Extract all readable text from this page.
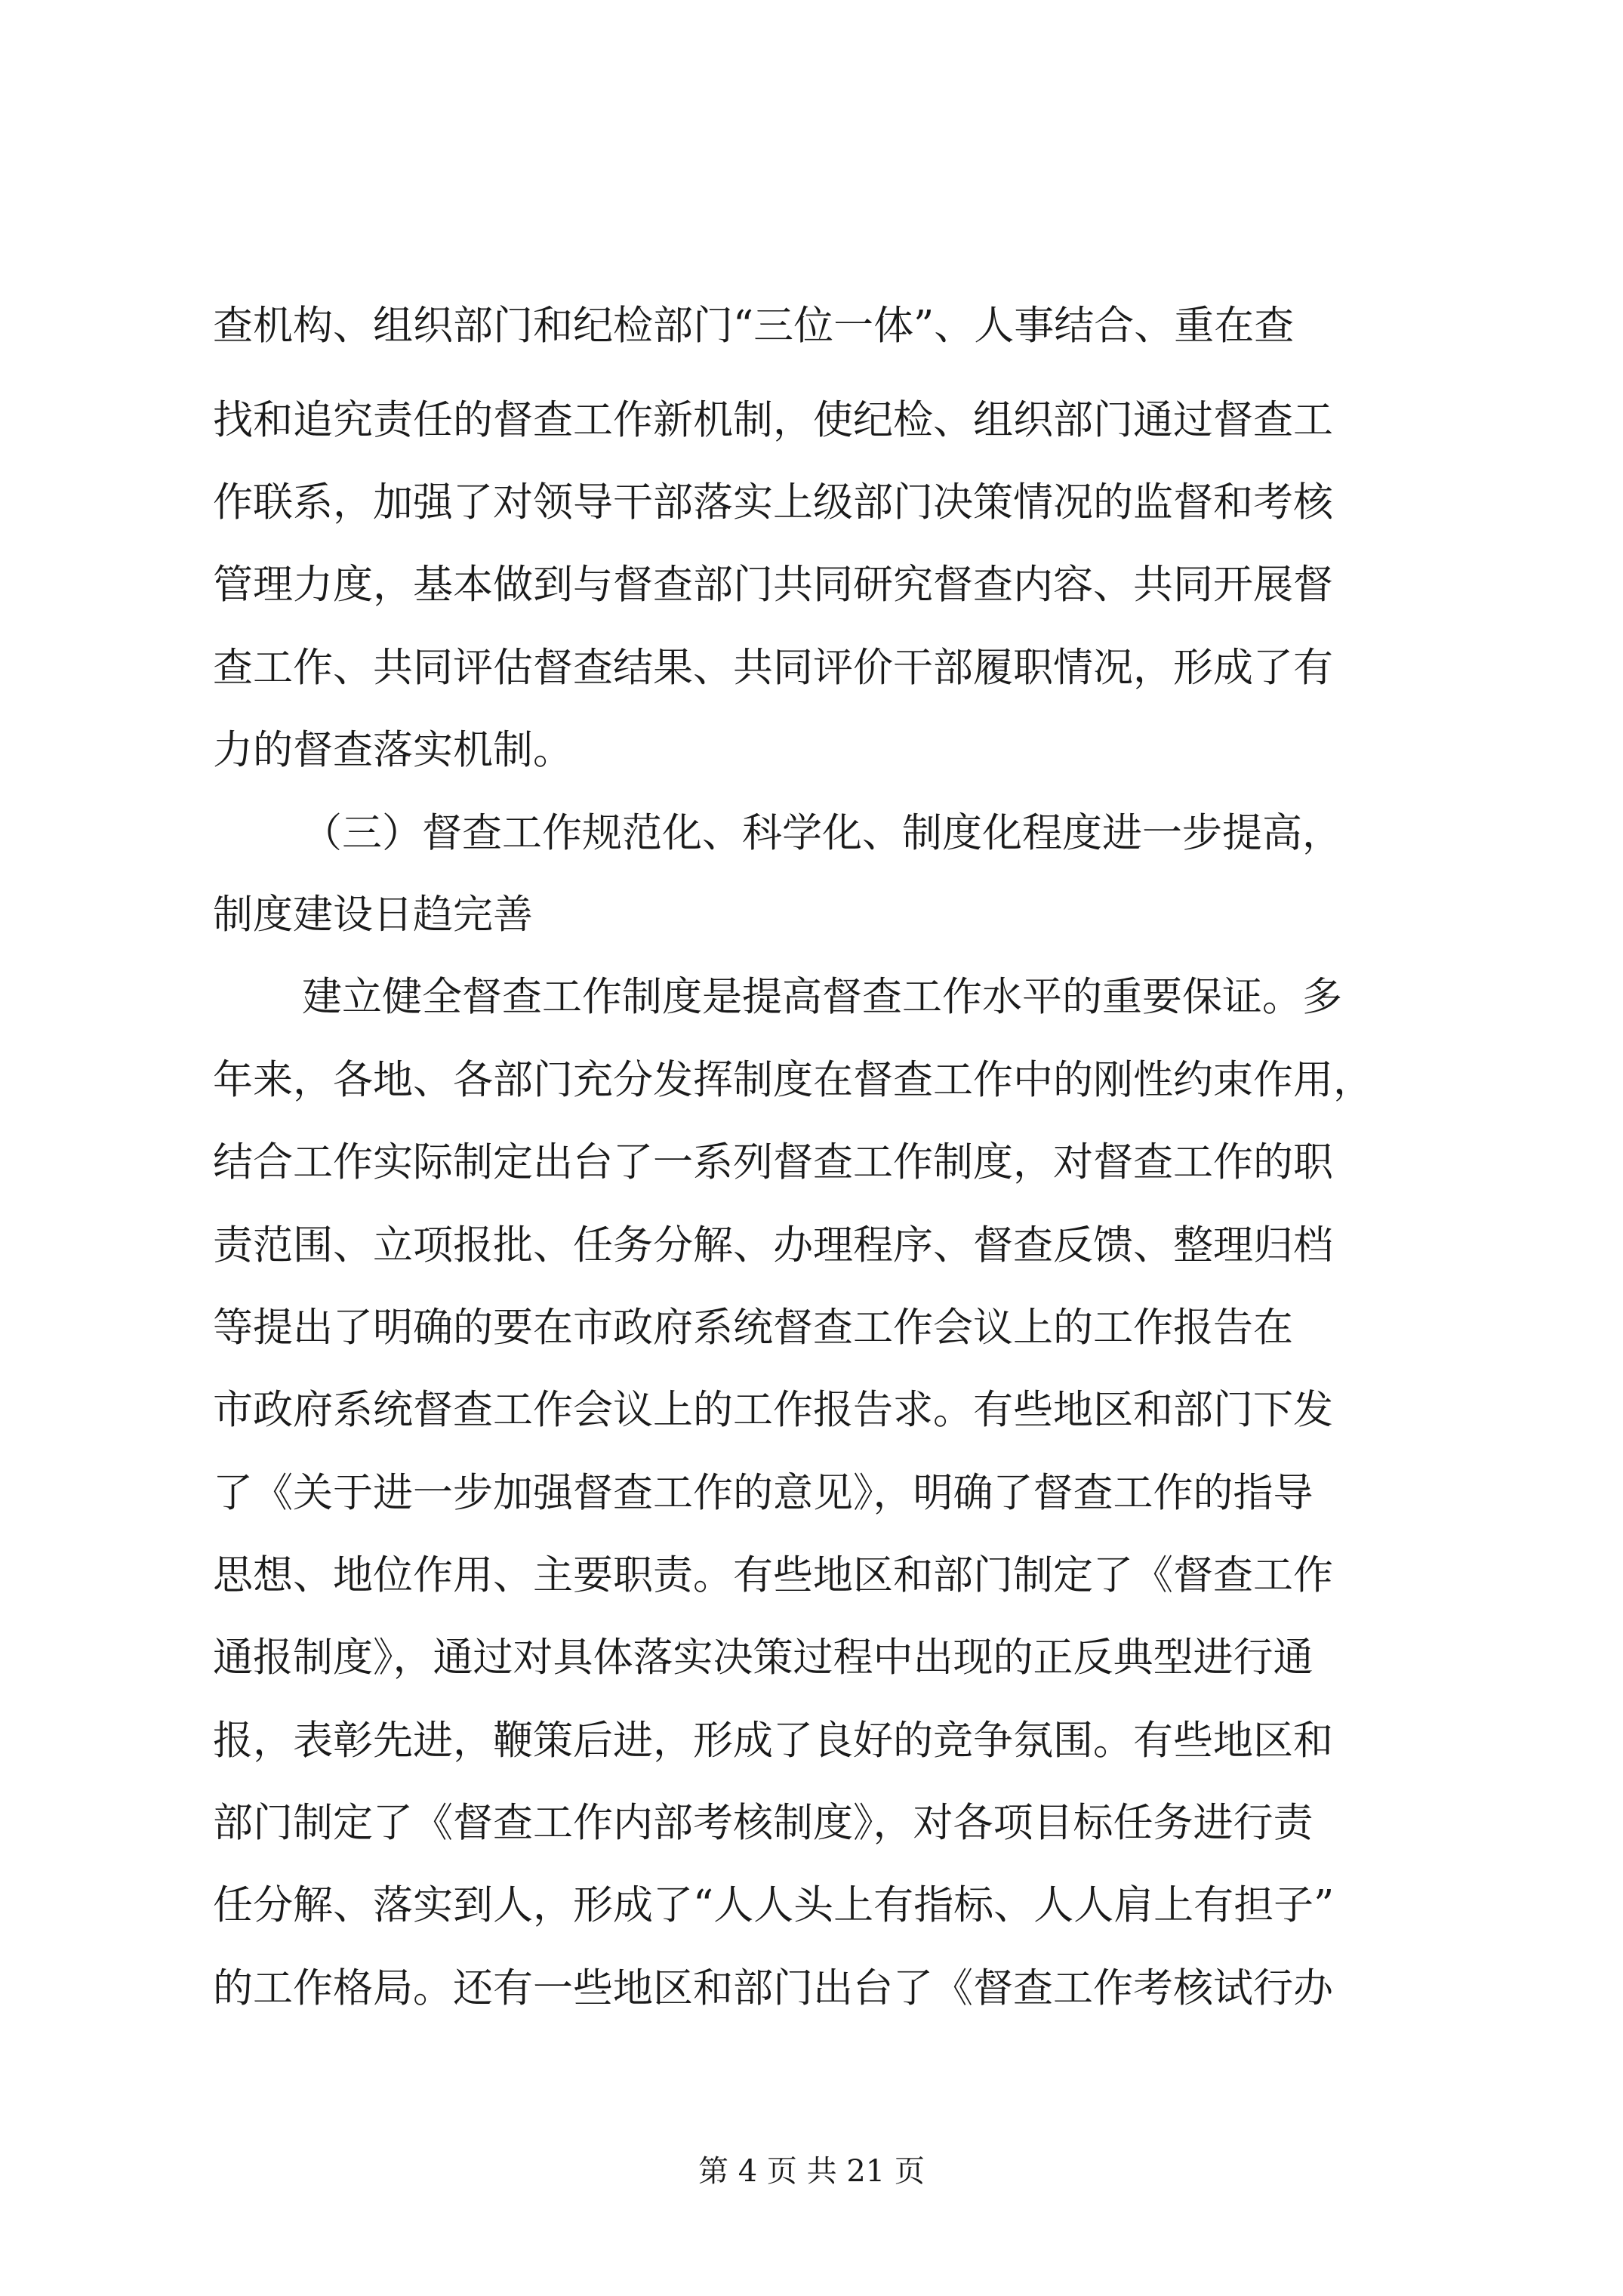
查机构、组织部门和纪检部门“三位一体”、人事结合、重在查
找和追究责任的督查工作新机制，使纪检、组织部门通过督查工
作联系，加强了对领导干部落实上级部门决策情况的监督和考核
管理力度，基本做到与督查部门共同研究督查内容、共同开展督
查工作、共同评估督查结果、共同评价干部履职情况，形成了有
力的督查落实机制。
（三）督查工作规范化、科学化、制度化程度进一步提高，
制度建设日趋完善
建立健全督查工作制度是提高督查工作水平的重要保证。多
年来，各地、各部门充分发挥制度在督查工作中的刚性约束作用，
结合工作实际制定出台了一系列督查工作制度，对督查工作的职
责范围、立项报批、任务分解、办理程序、督查反馈、整理归档
等提出了明确的要在市政府系统督查工作会议上的工作报告在
市政府系统督查工作会议上的工作报告求。有些地区和部门下发
了《关于进一步加强督查工作的意见》，明确了督查工作的指导
思想、地位作用、主要职责。有些地区和部门制定了《督查工作
通报制度》，通过对具体落实决策过程中出现的正反典型进行通
报，表彰先进，鞭策后进，形成了良好的竞争氛围。有些地区和
部门制定了《督查工作内部考核制度》，对各项目标任务进行责
任分解、落实到人，形成了“人人头上有指标、人人肩上有担子”
的工作格局。还有一些地区和部门出台了《督查工作考核试行办
第 4 页 共 21 页
